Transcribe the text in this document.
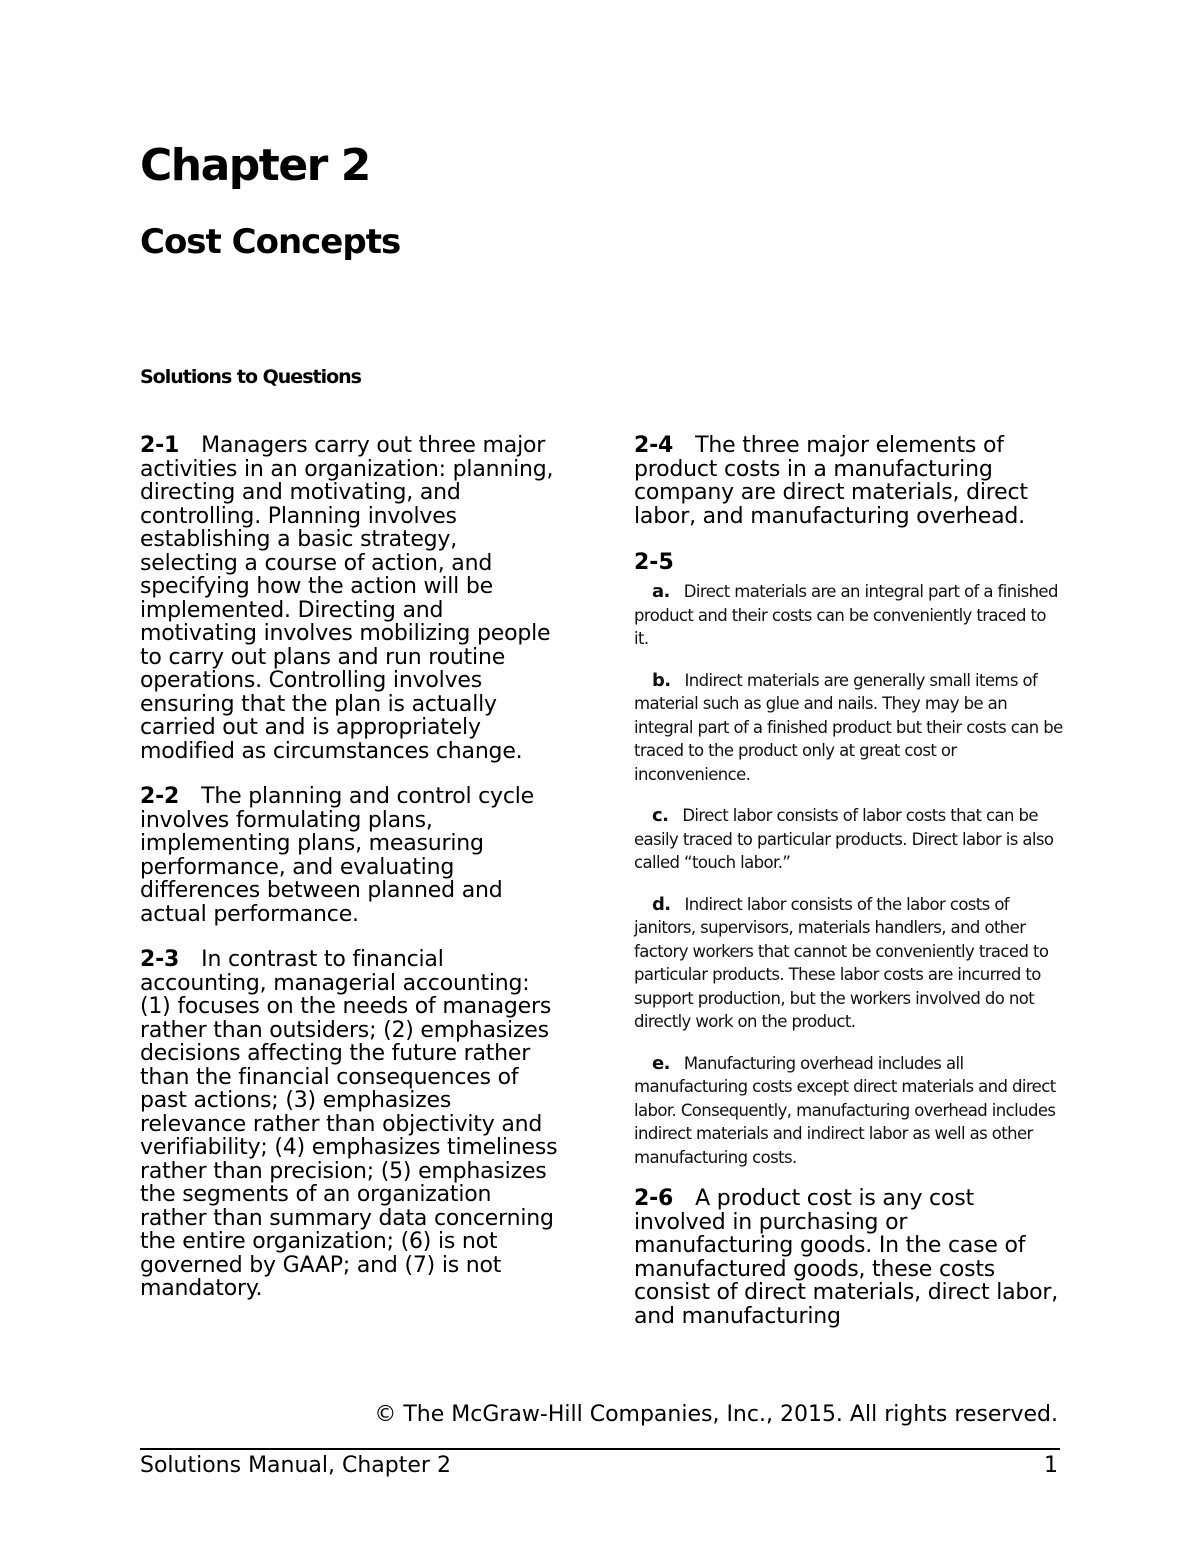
Chapter 2
Cost Concepts
Solutions to Questions

2-1 Managers carry out three major activities in an organization: planning, directing and motivating, and controlling. Planning involves establishing a basic strategy, selecting a course of action, and specifying how the action will be implemented. Directing and motivating involves mobilizing people to carry out plans and run routine operations. Controlling involves ensuring that the plan is actually carried out and is appropriately modified as circumstances change.

2-2 The planning and control cycle involves formulating plans, implementing plans, measuring performance, and evaluating differences between planned and actual performance.

2-3 In contrast to financial accounting, managerial accounting: (1) focuses on the needs of managers rather than outsiders; (2) emphasizes decisions affecting the future rather than the financial consequences of past actions; (3) emphasizes relevance rather than objectivity and verifiability; (4) emphasizes timeliness rather than precision; (5) emphasizes the segments of an organization rather than summary data concerning the entire organization; (6) is not governed by GAAP; and (7) is not mandatory.

2-4 The three major elements of product costs in a manufacturing company are direct materials, direct labor, and manufacturing overhead.

2-5

a. Direct materials are an integral part of a finished product and their costs can be conveniently traced to it.

b. Indirect materials are generally small items of material such as glue and nails. They may be an integral part of a finished product but their costs can be traced to the product only at great cost or inconvenience.

c. Direct labor consists of labor costs that can be easily traced to particular products. Direct labor is also called “touch labor.”

d. Indirect labor consists of the labor costs of janitors, supervisors, materials handlers, and other factory workers that cannot be conveniently traced to particular products. These labor costs are incurred to support production, but the workers involved do not directly work on the product.

e. Manufacturing overhead includes all manufacturing costs except direct materials and direct labor. Consequently, manufacturing overhead includes indirect materials and indirect labor as well as other manufacturing costs.

2-6 A product cost is any cost involved in purchasing or manufacturing goods. In the case of manufactured goods, these costs consist of direct materials, direct labor, and manufacturing

© The McGraw-Hill Companies, Inc., 2015. All rights reserved.

Solutions Manual, Chapter 2	1
